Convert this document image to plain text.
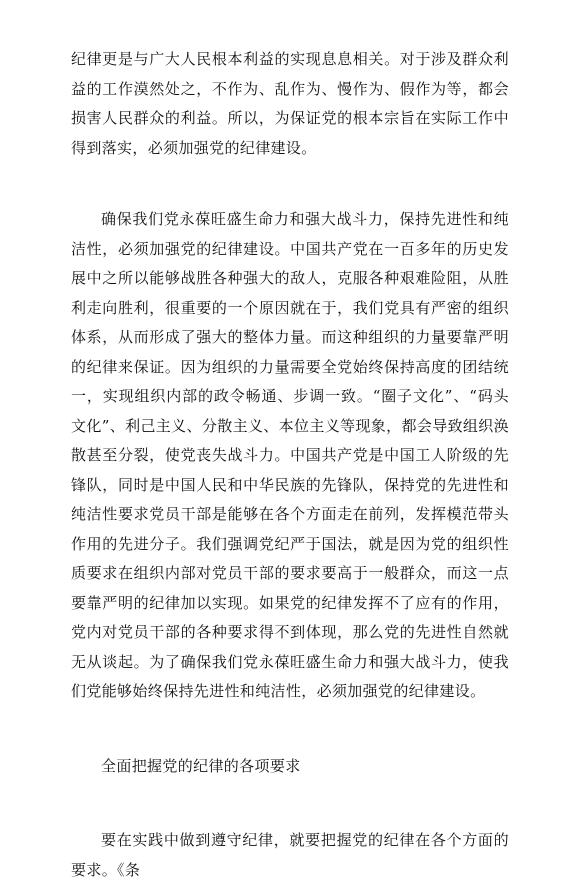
纪律更是与广大人民根本利益的实现息息相关。对于涉及群众利益的工作漠然处之，不作为、乱作为、慢作为、假作为等，都会损害人民群众的利益。所以，为保证党的根本宗旨在实际工作中得到落实，必须加强党的纪律建设。

确保我们党永葆旺盛生命力和强大战斗力，保持先进性和纯洁性，必须加强党的纪律建设。中国共产党在一百多年的历史发展中之所以能够战胜各种强大的敌人，克服各种艰难险阻，从胜利走向胜利，很重要的一个原因就在于，我们党具有严密的组织体系，从而形成了强大的整体力量。而这种组织的力量要靠严明的纪律来保证。因为组织的力量需要全党始终保持高度的团结统一，实现组织内部的政令畅通、步调一致。“圈子文化”、“码头文化”、利己主义、分散主义、本位主义等现象，都会导致组织涣散甚至分裂，使党丧失战斗力。中国共产党是中国工人阶级的先锋队，同时是中国人民和中华民族的先锋队，保持党的先进性和纯洁性要求党员干部是能够在各个方面走在前列，发挥模范带头作用的先进分子。我们强调党纪严于国法，就是因为党的组织性质要求在组织内部对党员干部的要求要高于一般群众，而这一点要靠严明的纪律加以实现。如果党的纪律发挥不了应有的作用，党内对党员干部的各种要求得不到体现，那么党的先进性自然就无从谈起。为了确保我们党永葆旺盛生命力和强大战斗力，使我们党能够始终保持先进性和纯洁性，必须加强党的纪律建设。

全面把握党的纪律的各项要求

要在实践中做到遵守纪律，就要把握党的纪律在各个方面的要求。《条
